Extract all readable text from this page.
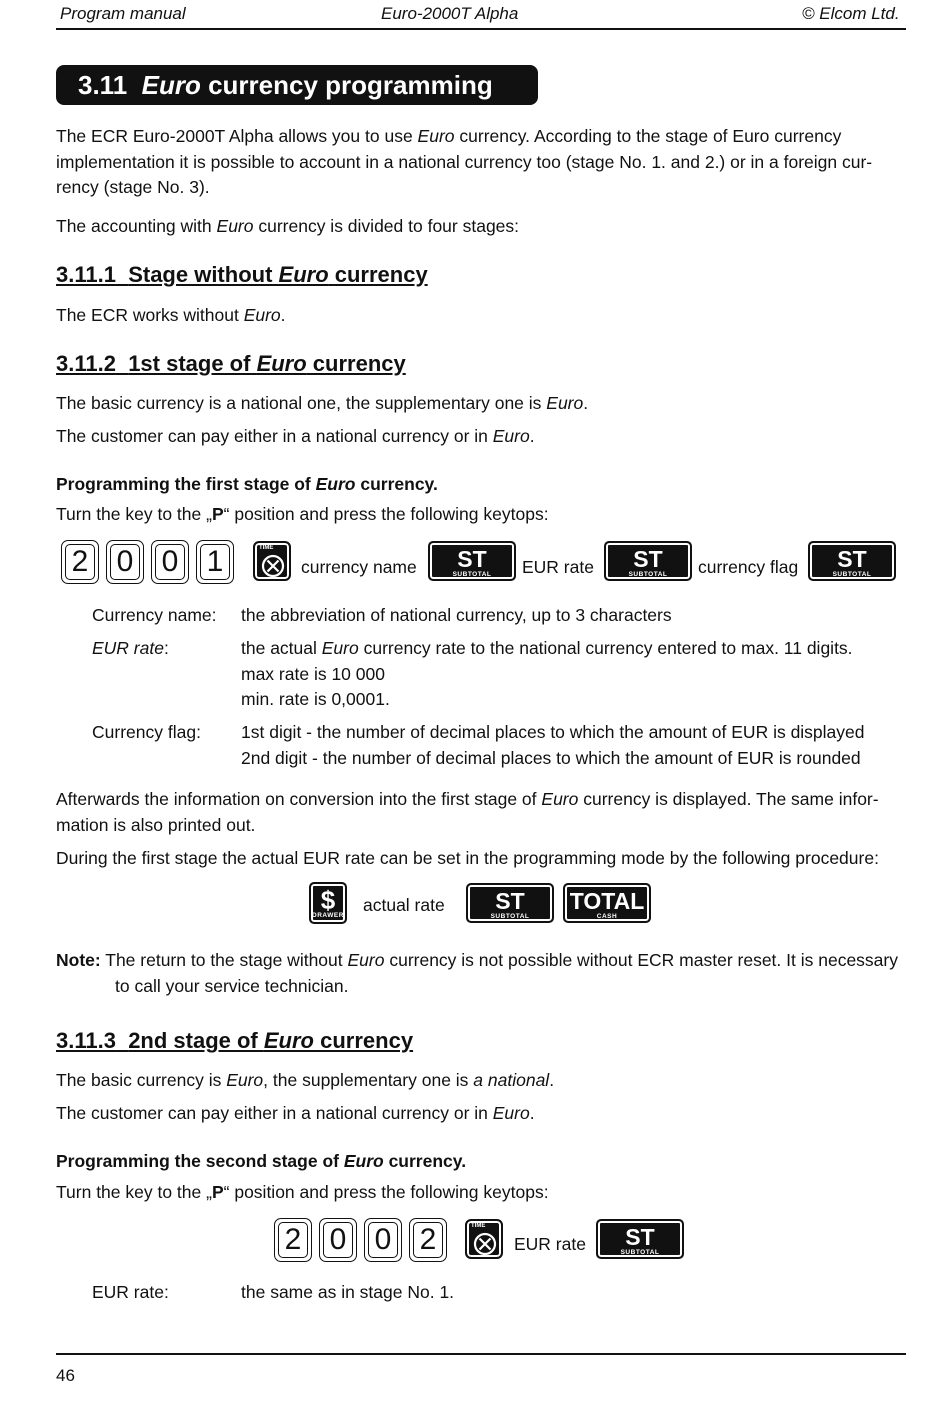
Program manual	Euro-2000T Alpha	© Elcom Ltd.
3.11 Euro currency programming

The ECR Euro-2000T Alpha allows you to use Euro currency. According to the stage of Euro currency implementation it is possible to account in a national currency too (stage No. 1. and 2.) or in a foreign cur-rency (stage No. 3).

The accounting with Euro currency is divided to four stages:

3.11.1 Stage without Euro currency

The ECR works without Euro.

3.11.2 1st stage of Euro currency

The basic currency is a national one, the supplementary one is Euro.

The customer can pay either in a national currency or in Euro.

Programming the first stage of Euro currency.

Turn the key to the „P“ position and press the following keytops:

2 0 0 1	TIME
currency name	ST
SUBTOTAL	EUR rate	ST
SUBTOTAL	currency flag	ST
SUBTOTAL
Currency name: the abbreviation of national currency, up to 3 characters
EUR rate:	the actual Euro currency rate to the national currency entered to max. 11 digits.
max rate is 10 000
min. rate is 0,0001.
Currency flag: 1st digit - the number of decimal places to which the amount of EUR is displayed
2nd digit - the number of decimal places to which the amount of EUR is rounded

Afterwards the information on conversion into the first stage of Euro currency is displayed. The same infor-mation is also printed out.

During the first stage the actual EUR rate can be set in the programming mode by the following procedure:

$
DRAWER
actual rate	ST
SUBTOTAL
TOTAL
CASH

Note: The return to the stage without Euro currency is not possible without ECR master reset. It is necessary

to call your service technician.
3.11.3 2nd stage of Euro currency

The basic currency is Euro, the supplementary one is a national.

The customer can pay either in a national currency or in Euro.

Programming the second stage of Euro currency.

Turn the key to the „P“ position and press the following keytops:

2 0 0 2	TIME
EUR rate	ST
SUBTOTAL
EUR rate:	the same as in stage No. 1.
46
